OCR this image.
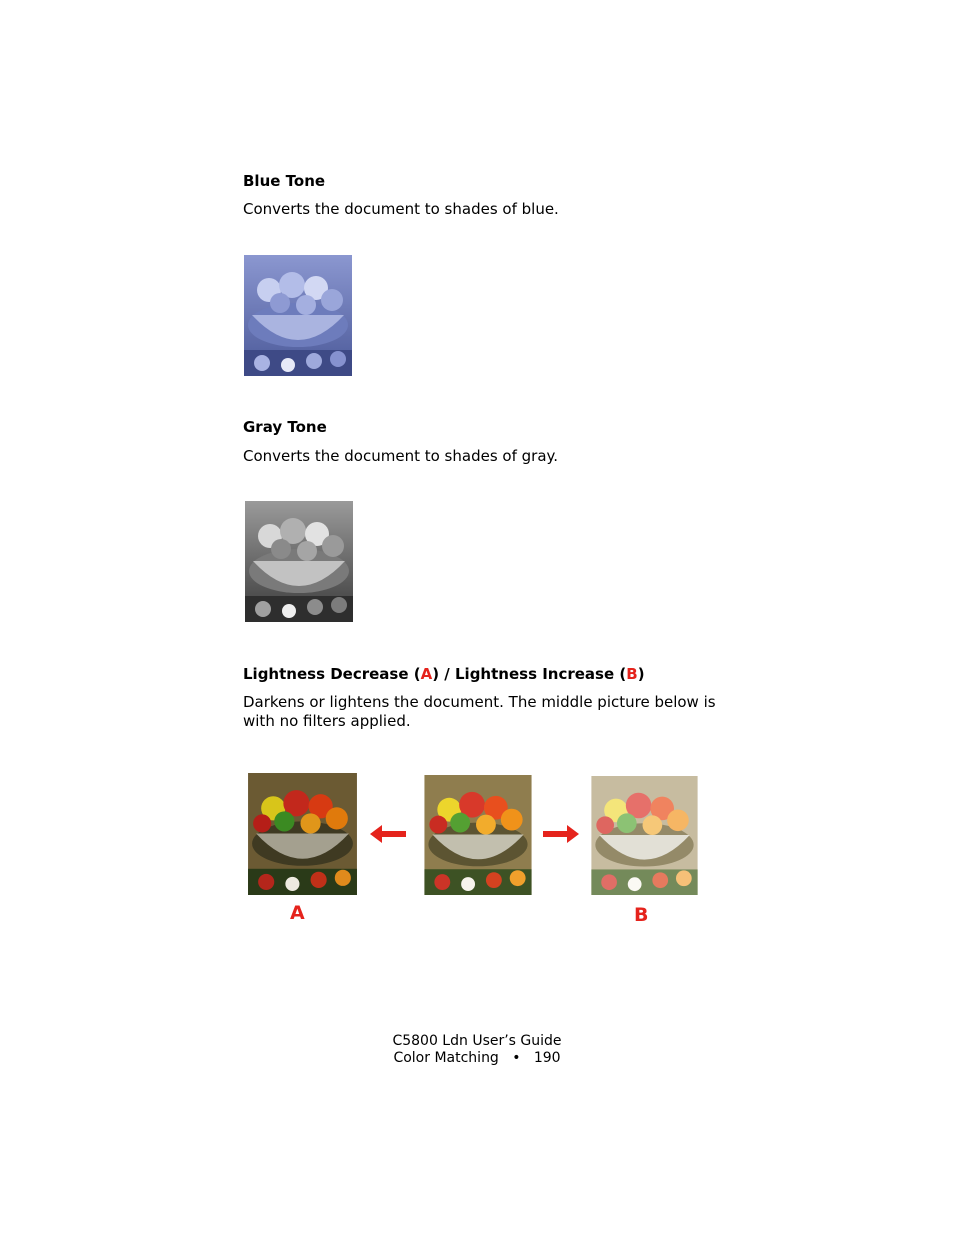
Blue Tone
Converts the document to shades of blue.
Gray Tone
Converts the document to shades of gray.
Lightness Decrease (A) / Lightness Increase (B)
Darkens or lightens the document. The middle picture below is with no filters applied.
A	B
C5800 Ldn User’s Guide
Color Matching • 190
